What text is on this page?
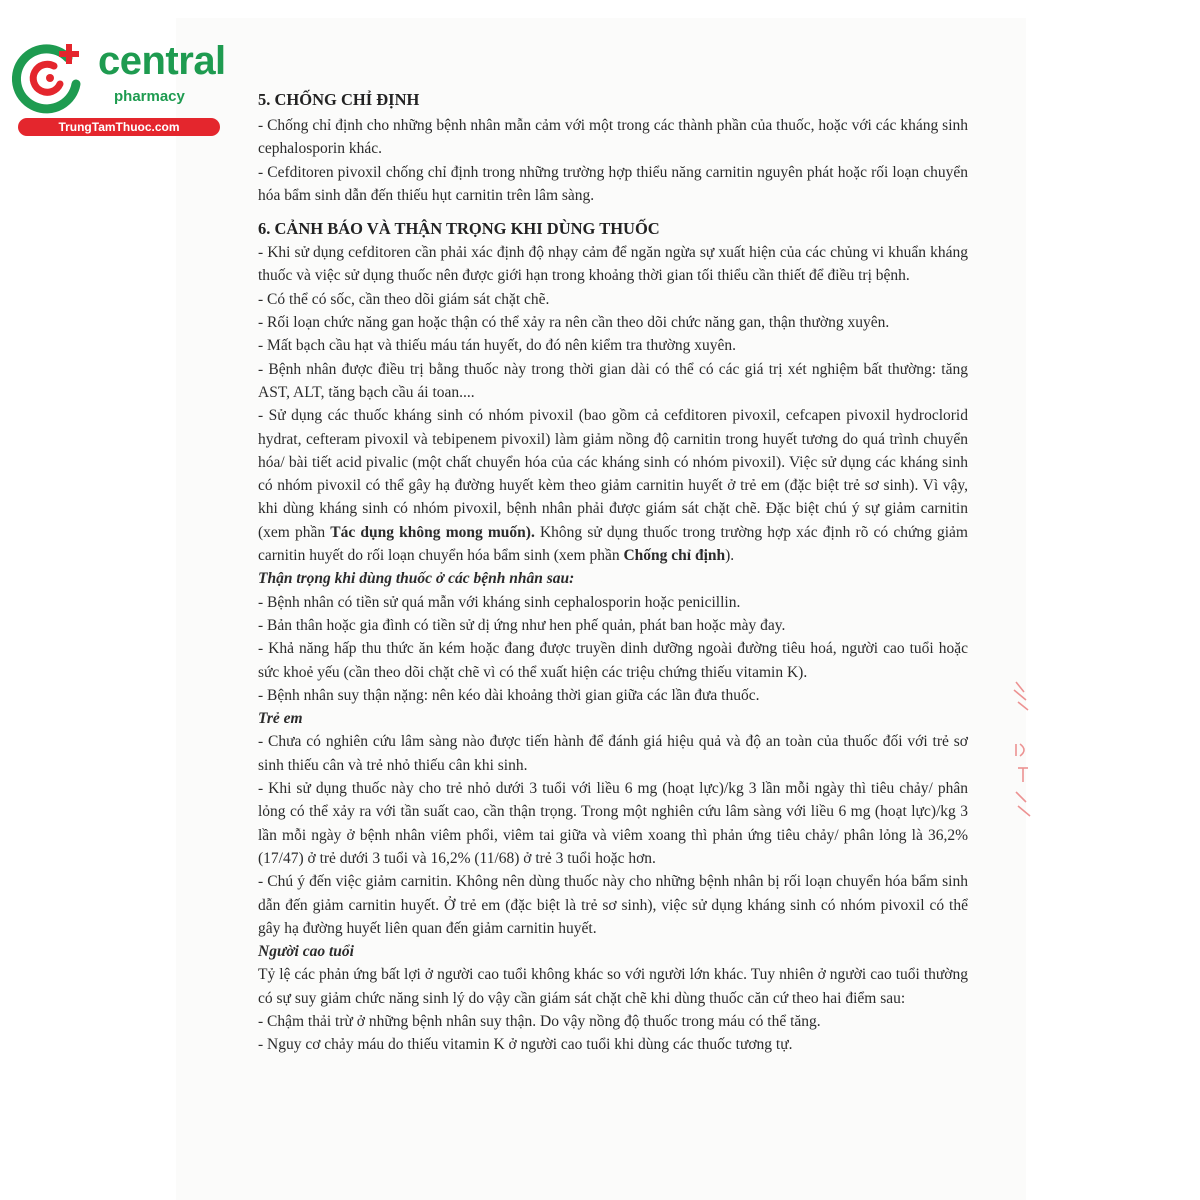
central
pharmacy
TrungTamThuoc.com

5. CHỐNG CHỈ ĐỊNH

- Chống chỉ định cho những bệnh nhân mẫn cảm với một trong các thành phần của thuốc, hoặc với các kháng sinh cephalosporin khác.

- Cefditoren pivoxil chống chỉ định trong những trường hợp thiểu năng carnitin nguyên phát hoặc rối loạn chuyển hóa bẩm sinh dẫn đến thiếu hụt carnitin trên lâm sàng.

6. CẢNH BÁO VÀ THẬN TRỌNG KHI DÙNG THUỐC

- Khi sử dụng cefditoren cần phải xác định độ nhạy cảm để ngăn ngừa sự xuất hiện của các chủng vi khuẩn kháng thuốc và việc sử dụng thuốc nên được giới hạn trong khoảng thời gian tối thiểu cần thiết để điều trị bệnh.

- Có thể có sốc, cần theo dõi giám sát chặt chẽ.

- Rối loạn chức năng gan hoặc thận có thể xảy ra nên cần theo dõi chức năng gan, thận thường xuyên.

- Mất bạch cầu hạt và thiếu máu tán huyết, do đó nên kiểm tra thường xuyên.

- Bệnh nhân được điều trị bằng thuốc này trong thời gian dài có thể có các giá trị xét nghiệm bất thường: tăng AST, ALT, tăng bạch cầu ái toan....

- Sử dụng các thuốc kháng sinh có nhóm pivoxil (bao gồm cả cefditoren pivoxil, cefcapen pivoxil hydroclorid hydrat, cefteram pivoxil và tebipenem pivoxil) làm giảm nồng độ carnitin trong huyết tương do quá trình chuyển hóa/ bài tiết acid pivalic (một chất chuyển hóa của các kháng sinh có nhóm pivoxil). Việc sử dụng các kháng sinh có nhóm pivoxil có thể gây hạ đường huyết kèm theo giảm carnitin huyết ở trẻ em (đặc biệt trẻ sơ sinh). Vì vậy, khi dùng kháng sinh có nhóm pivoxil, bệnh nhân phải được giám sát chặt chẽ. Đặc biệt chú ý sự giảm carnitin (xem phần Tác dụng không mong muốn). Không sử dụng thuốc trong trường hợp xác định rõ có chứng giảm carnitin huyết do rối loạn chuyển hóa bẩm sinh (xem phần Chống chỉ định).

Thận trọng khi dùng thuốc ở các bệnh nhân sau:

- Bệnh nhân có tiền sử quá mẫn với kháng sinh cephalosporin hoặc penicillin.

- Bản thân hoặc gia đình có tiền sử dị ứng như hen phế quản, phát ban hoặc mày đay.

- Khả năng hấp thu thức ăn kém hoặc đang được truyền dinh dưỡng ngoài đường tiêu hoá, người cao tuổi hoặc sức khoẻ yếu (cần theo dõi chặt chẽ vì có thể xuất hiện các triệu chứng thiếu vitamin K).

- Bệnh nhân suy thận nặng: nên kéo dài khoảng thời gian giữa các lần đưa thuốc.

Trẻ em

- Chưa có nghiên cứu lâm sàng nào được tiến hành để đánh giá hiệu quả và độ an toàn của thuốc đối với trẻ sơ sinh thiếu cân và trẻ nhỏ thiếu cân khi sinh.

- Khi sử dụng thuốc này cho trẻ nhỏ dưới 3 tuổi với liều 6 mg (hoạt lực)/kg 3 lần mỗi ngày thì tiêu chảy/ phân lỏng có thể xảy ra với tần suất cao, cần thận trọng. Trong một nghiên cứu lâm sàng với liều 6 mg (hoạt lực)/kg 3 lần mỗi ngày ở bệnh nhân viêm phổi, viêm tai giữa và viêm xoang thì phản ứng tiêu chảy/ phân lỏng là 36,2% (17/47) ở trẻ dưới 3 tuổi và 16,2% (11/68) ở trẻ 3 tuổi hoặc hơn.

- Chú ý đến việc giảm carnitin. Không nên dùng thuốc này cho những bệnh nhân bị rối loạn chuyển hóa bẩm sinh dẫn đến giảm carnitin huyết. Ở trẻ em (đặc biệt là trẻ sơ sinh), việc sử dụng kháng sinh có nhóm pivoxil có thể gây hạ đường huyết liên quan đến giảm carnitin huyết.

Người cao tuổi

Tỷ lệ các phản ứng bất lợi ở người cao tuổi không khác so với người lớn khác. Tuy nhiên ở người cao tuổi thường có sự suy giảm chức năng sinh lý do vậy cần giám sát chặt chẽ khi dùng thuốc căn cứ theo hai điểm sau:

- Chậm thải trừ ở những bệnh nhân suy thận. Do vậy nồng độ thuốc trong máu có thể tăng.

- Nguy cơ chảy máu do thiếu vitamin K ở người cao tuổi khi dùng các thuốc tương tự.
